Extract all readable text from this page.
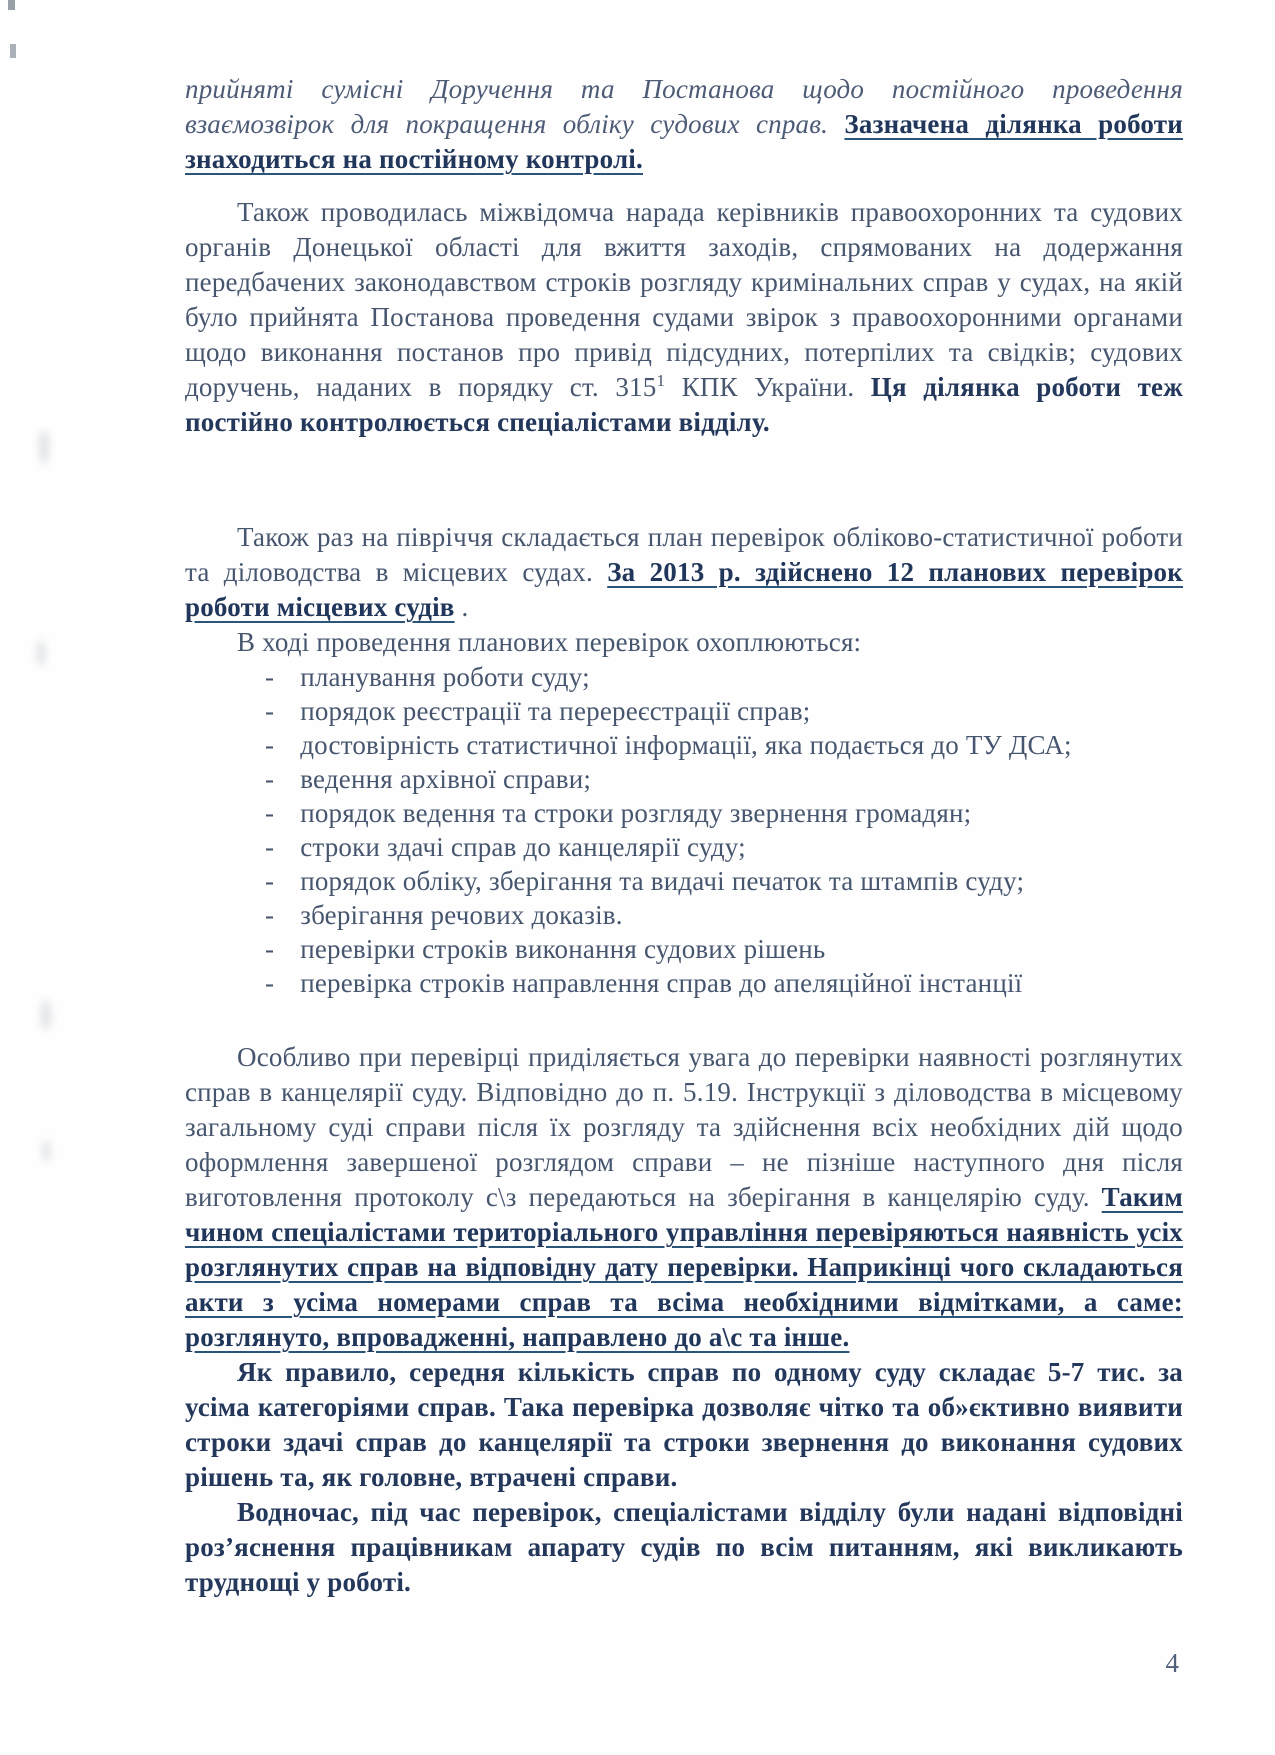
прийняті сумісні Доручення та Постанова щодо постійного проведення взаємозвірок для покращення обліку судових справ. Зазначена ділянка роботи знаходиться на постійному контролі.

Також проводилась міжвідомча нарада керівників правоохоронних та судових органів Донецької області для вжиття заходів, спрямованих на додержання передбачених законодавством строків розгляду кримінальних справ у судах, на якій було прийнята Постанова проведення судами звірок з правоохоронними органами щодо виконання постанов про привід підсудних, потерпілих та свідків; судових доручень, наданих в порядку ст. $315^1$ КПК України. Ця ділянка роботи теж постійно контролюється спеціалістами відділу.

Також раз на півріччя складається план перевірок обліково-статистичної роботи та діловодства в місцевих судах. За 2013 р. здійснено 12 планових перевірок роботи місцевих судів .

В ході проведення планових перевірок охоплюються:

- планування роботи суду;
- порядок реєстрації та перереєстрації справ;
- достовірність статистичної інформації, яка подається до ТУ ДСА;
- ведення архівної справи;
- порядок ведення та строки розгляду звернення громадян;
- строки здачі справ до канцелярії суду;
- порядок обліку, зберігання та видачі печаток та штампів суду;
- зберігання речових доказів.
- перевірки строків виконання судових рішень
- перевірка строків направлення справ до апеляційної інстанції

Особливо при перевірці приділяється увага до перевірки наявності розглянутих справ в канцелярії суду. Відповідно до п. 5.19. Інструкції з діловодства в місцевому загальному суді справи після їх розгляду та здійснення всіх необхідних дій щодо оформлення завершеної розглядом справи – не пізніше наступного дня після виготовлення протоколу с\з передаються на зберігання в канцелярію суду. Таким чином спеціалістами територіального управління перевіряються наявність усіх розглянутих справ на відповідну дату перевірки. Наприкінці чого складаються акти з усіма номерами справ та всіма необхідними відмітками, а саме: розглянуто, впровадженні, направлено до а\с та інше.

Як правило, середня кількість справ по одному суду складає 5-7 тис. за усіма категоріями справ. Така перевірка дозволяє чітко та об»єктивно виявити строки здачі справ до канцелярії та строки звернення до виконання судових рішень та, як головне, втрачені справи.

Водночас, під час перевірок, спеціалістами відділу були надані відповідні роз’яснення працівникам апарату судів по всім питанням, які викликають труднощі у роботі.

4
